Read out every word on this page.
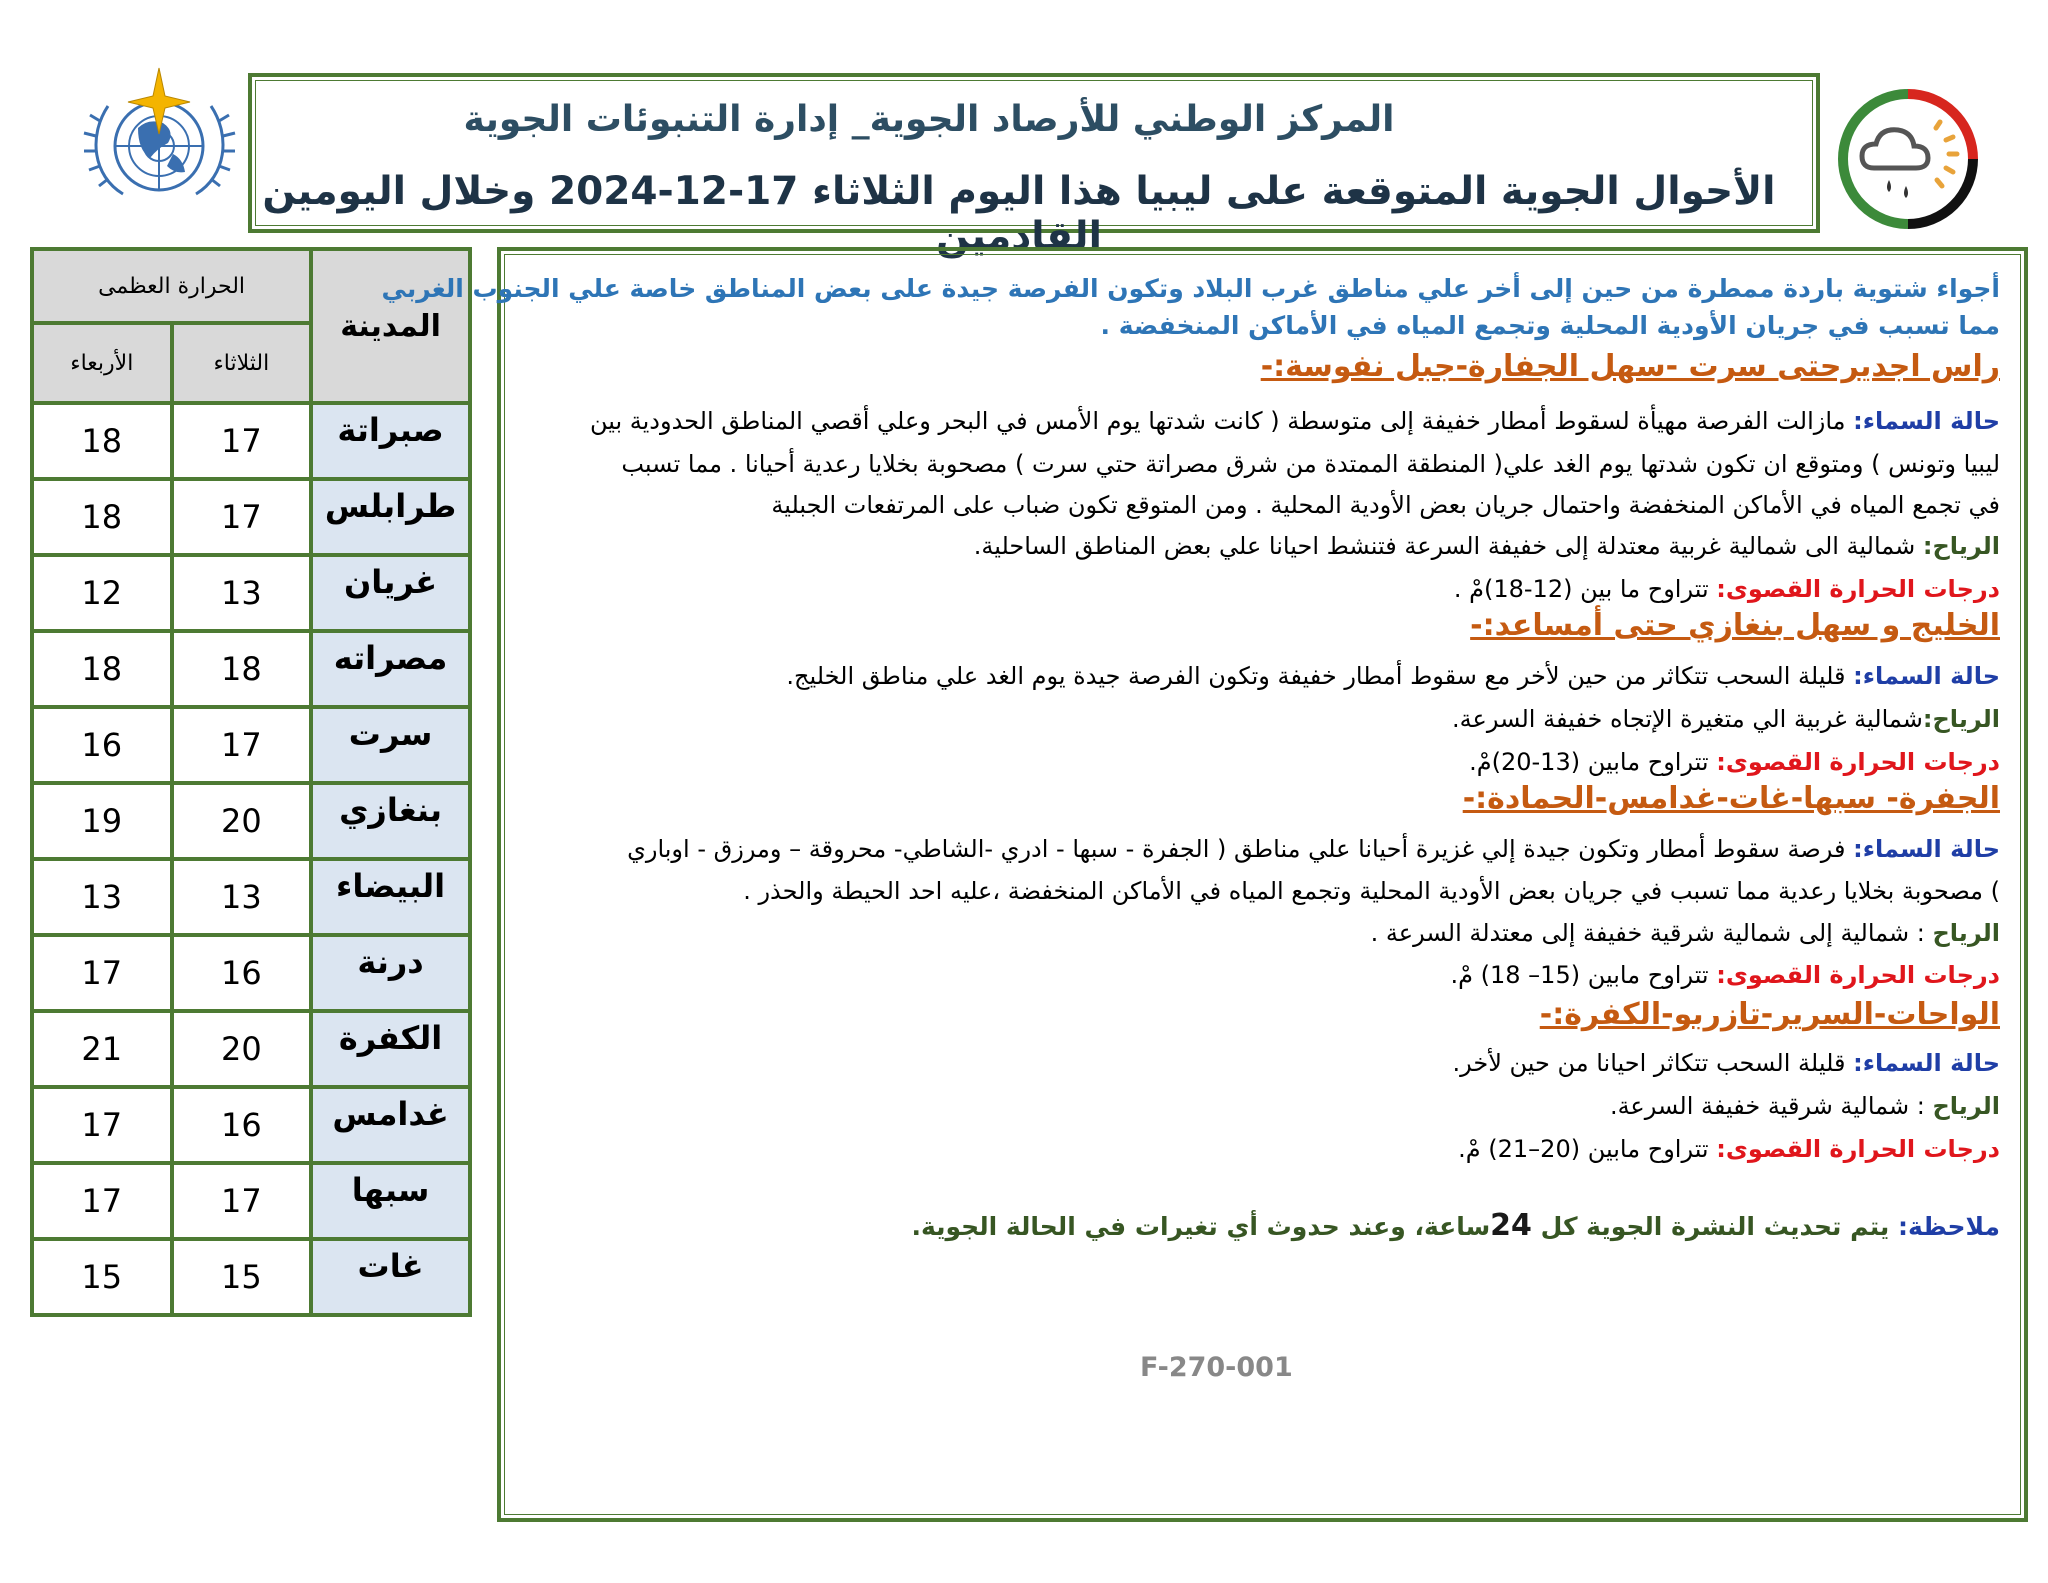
المركز الوطني للأرصاد الجوية_ إدارة التنبوئات الجوية
الأحوال الجوية المتوقعة على ليبيا هذا اليوم الثلاثاء 17-12-2024 وخلال اليومين القادمين
الحرارة العظمى		المدينة
الأربعاء	الثلاثاء	
18	17	صبراتة
18	17	طرابلس
12	13	غريان
18	18	مصراته
16	17	سرت
19	20	بنغازي
13	13	البيضاء
17	16	درنة
21	20	الكفرة
17	16	غدامس
17	17	سبها
15	15	غات
أجواء شتوية باردة ممطرة من حين إلى أخر علي مناطق غرب البلاد وتكون الفرصة جيدة على بعض المناطق خاصة علي الجنوب الغربي
مما تسبب في جريان الأودية المحلية وتجمع المياه في الأماكن المنخفضة .
راس اجديرحتى سرت -سهل الجفارة-جبل نفوسة:-
حالة السماء: مازالت الفرصة مهيأة لسقوط أمطار خفيفة إلى متوسطة ( كانت شدتها يوم الأمس في البحر وعلي أقصي المناطق الحدودية بين
ليبيا وتونس ) ومتوقع ان تكون شدتها يوم الغد علي( المنطقة الممتدة من شرق مصراتة حتي سرت ) مصحوبة بخلايا رعدية أحيانا . مما تسبب
في تجمع المياه في الأماكن المنخفضة واحتمال جريان بعض الأودية المحلية . ومن المتوقع تكون ضباب على المرتفعات الجبلية
الرياح: شمالية الى شمالية غربية معتدلة إلى خفيفة السرعة فتنشط احيانا علي بعض المناطق الساحلية.
درجات الحرارة القصوى: تتراوح ما بين (12-18)مْ .
الخليج و سهل بنغازي حتى أمساعد:-
حالة السماء: قليلة السحب تتكاثر من حين لأخر مع سقوط أمطار خفيفة وتكون الفرصة جيدة يوم الغد علي مناطق الخليج.
الرياح:شمالية غربية الي متغيرة الإتجاه خفيفة السرعة.
درجات الحرارة القصوى: تتراوح مابين (13-20)مْ.
الجفرة- سبها-غات-غدامس-الحمادة:-
حالة السماء: فرصة سقوط أمطار وتكون جيدة إلي غزيرة أحيانا علي مناطق ( الجفرة - سبها - ادري -الشاطي- محروقة – ومرزق - اوباري
) مصحوبة بخلايا رعدية مما تسبب في جريان بعض الأودية المحلية وتجمع المياه في الأماكن المنخفضة ،عليه احد الحيطة والحذر .
الرياح : شمالية إلى شمالية شرقية خفيفة إلى معتدلة السرعة .
درجات الحرارة القصوى: تتراوح مابين (15– 18) مْ.
الواحات-السرير-تازربو-الكفرة:-
حالة السماء: قليلة السحب تتكاثر احيانا من حين لأخر.
الرياح : شمالية شرقية خفيفة السرعة.
درجات الحرارة القصوى: تتراوح مابين (20–21) مْ.
ملاحظة: يتم تحديث النشرة الجوية كل 24ساعة، وعند حدوث أي تغيرات في الحالة الجوية.
F-270-001
